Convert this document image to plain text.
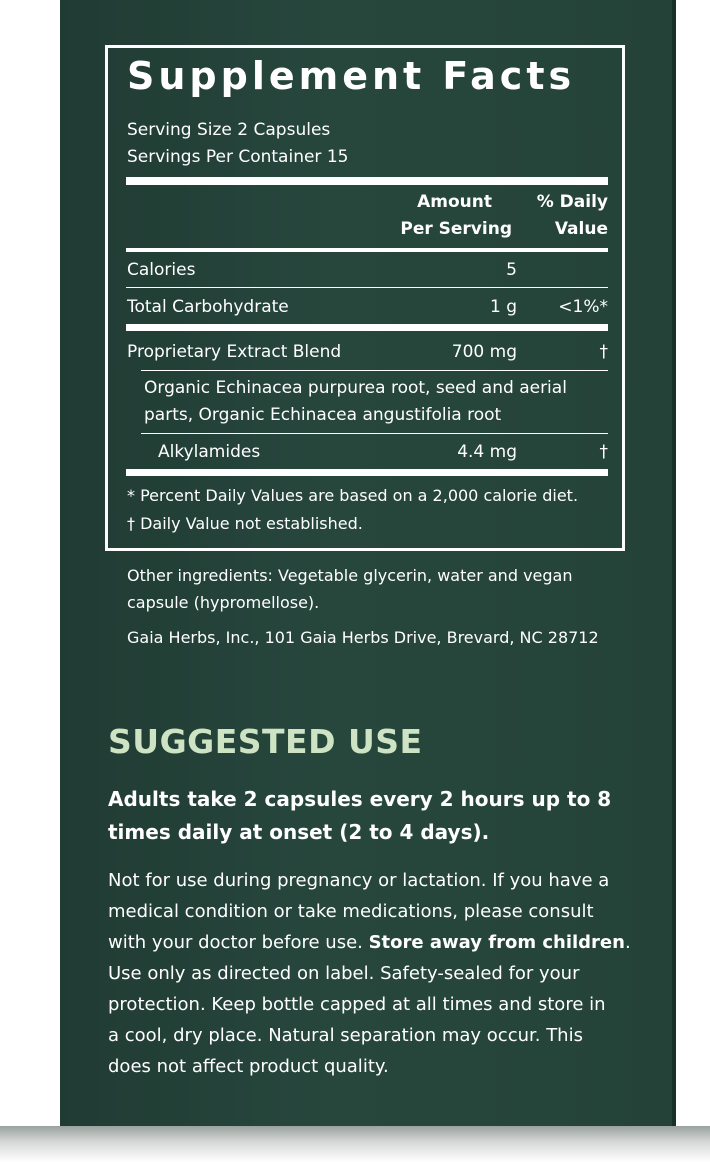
Supplement Facts
Serving Size 2 Capsules
Servings Per Container 15
Amount
Per Serving
% Daily
Value
Calories	5
Total Carbohydrate	1 g	<1%*
Proprietary Extract Blend	700 mg	†
Organic Echinacea purpurea root, seed and aerial
parts, Organic Echinacea angustifolia root
Alkylamides	4.4 mg	†
* Percent Daily Values are based on a 2,000 calorie diet.
† Daily Value not established.
Other ingredients: Vegetable glycerin, water and vegan
capsule (hypromellose).
Gaia Herbs, Inc., 101 Gaia Herbs Drive, Brevard, NC 28712
SUGGESTED USE
Adults take 2 capsules every 2 hours up to 8
times daily at onset (2 to 4 days).
Not for use during pregnancy or lactation. If you have a
medical condition or take medications, please consult
with your doctor before use. Store away from children.
Use only as directed on label. Safety-sealed for your
protection. Keep bottle capped at all times and store in
a cool, dry place. Natural separation may occur. This
does not affect product quality.
